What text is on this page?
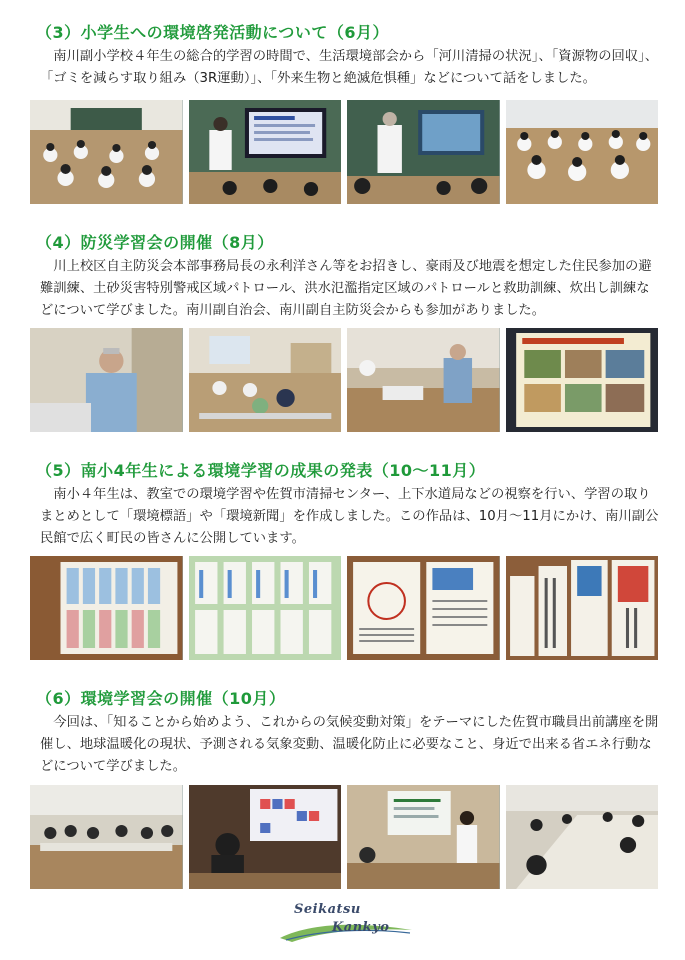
（3）小学生への環境啓発活動について（6月）
南川副小学校４年生の総合的学習の時間で、生活環境部会から「河川清掃の状況」、「資源物の回収」、「ゴミを減らす取り組み（3R運動）」、「外来生物と絶滅危惧種」などについて話をしました。
（4）防災学習会の開催（8月）
川上校区自主防災会本部事務局長の永利洋さん等をお招きし、豪雨及び地震を想定した住民参加の避難訓練、土砂災害特別警戒区域パトロール、洪水氾濫指定区域のパトロールと救助訓練、炊出し訓練などについて学びました。南川副自治会、南川副自主防災会からも参加がありました。
（5）南小4年生による環境学習の成果の発表（10～11月）
南小４年生は、教室での環境学習や佐賀市清掃センター、上下水道局などの視察を行い、学習の取りまとめとして「環境標語」や「環境新聞」を作成しました。この作品は、10月～11月にかけ、南川副公民館で広く町民の皆さんに公開しています。
（6）環境学習会の開催（10月）
今回は、「知ることから始めよう、これからの気候変動対策」をテーマにした佐賀市職員出前講座を開催し、地球温暖化の現状、予測される気象変動、温暖化防止に必要なこと、身近で出来る省エネ行動などについて学びました。
Seikatsu
Kankyo
